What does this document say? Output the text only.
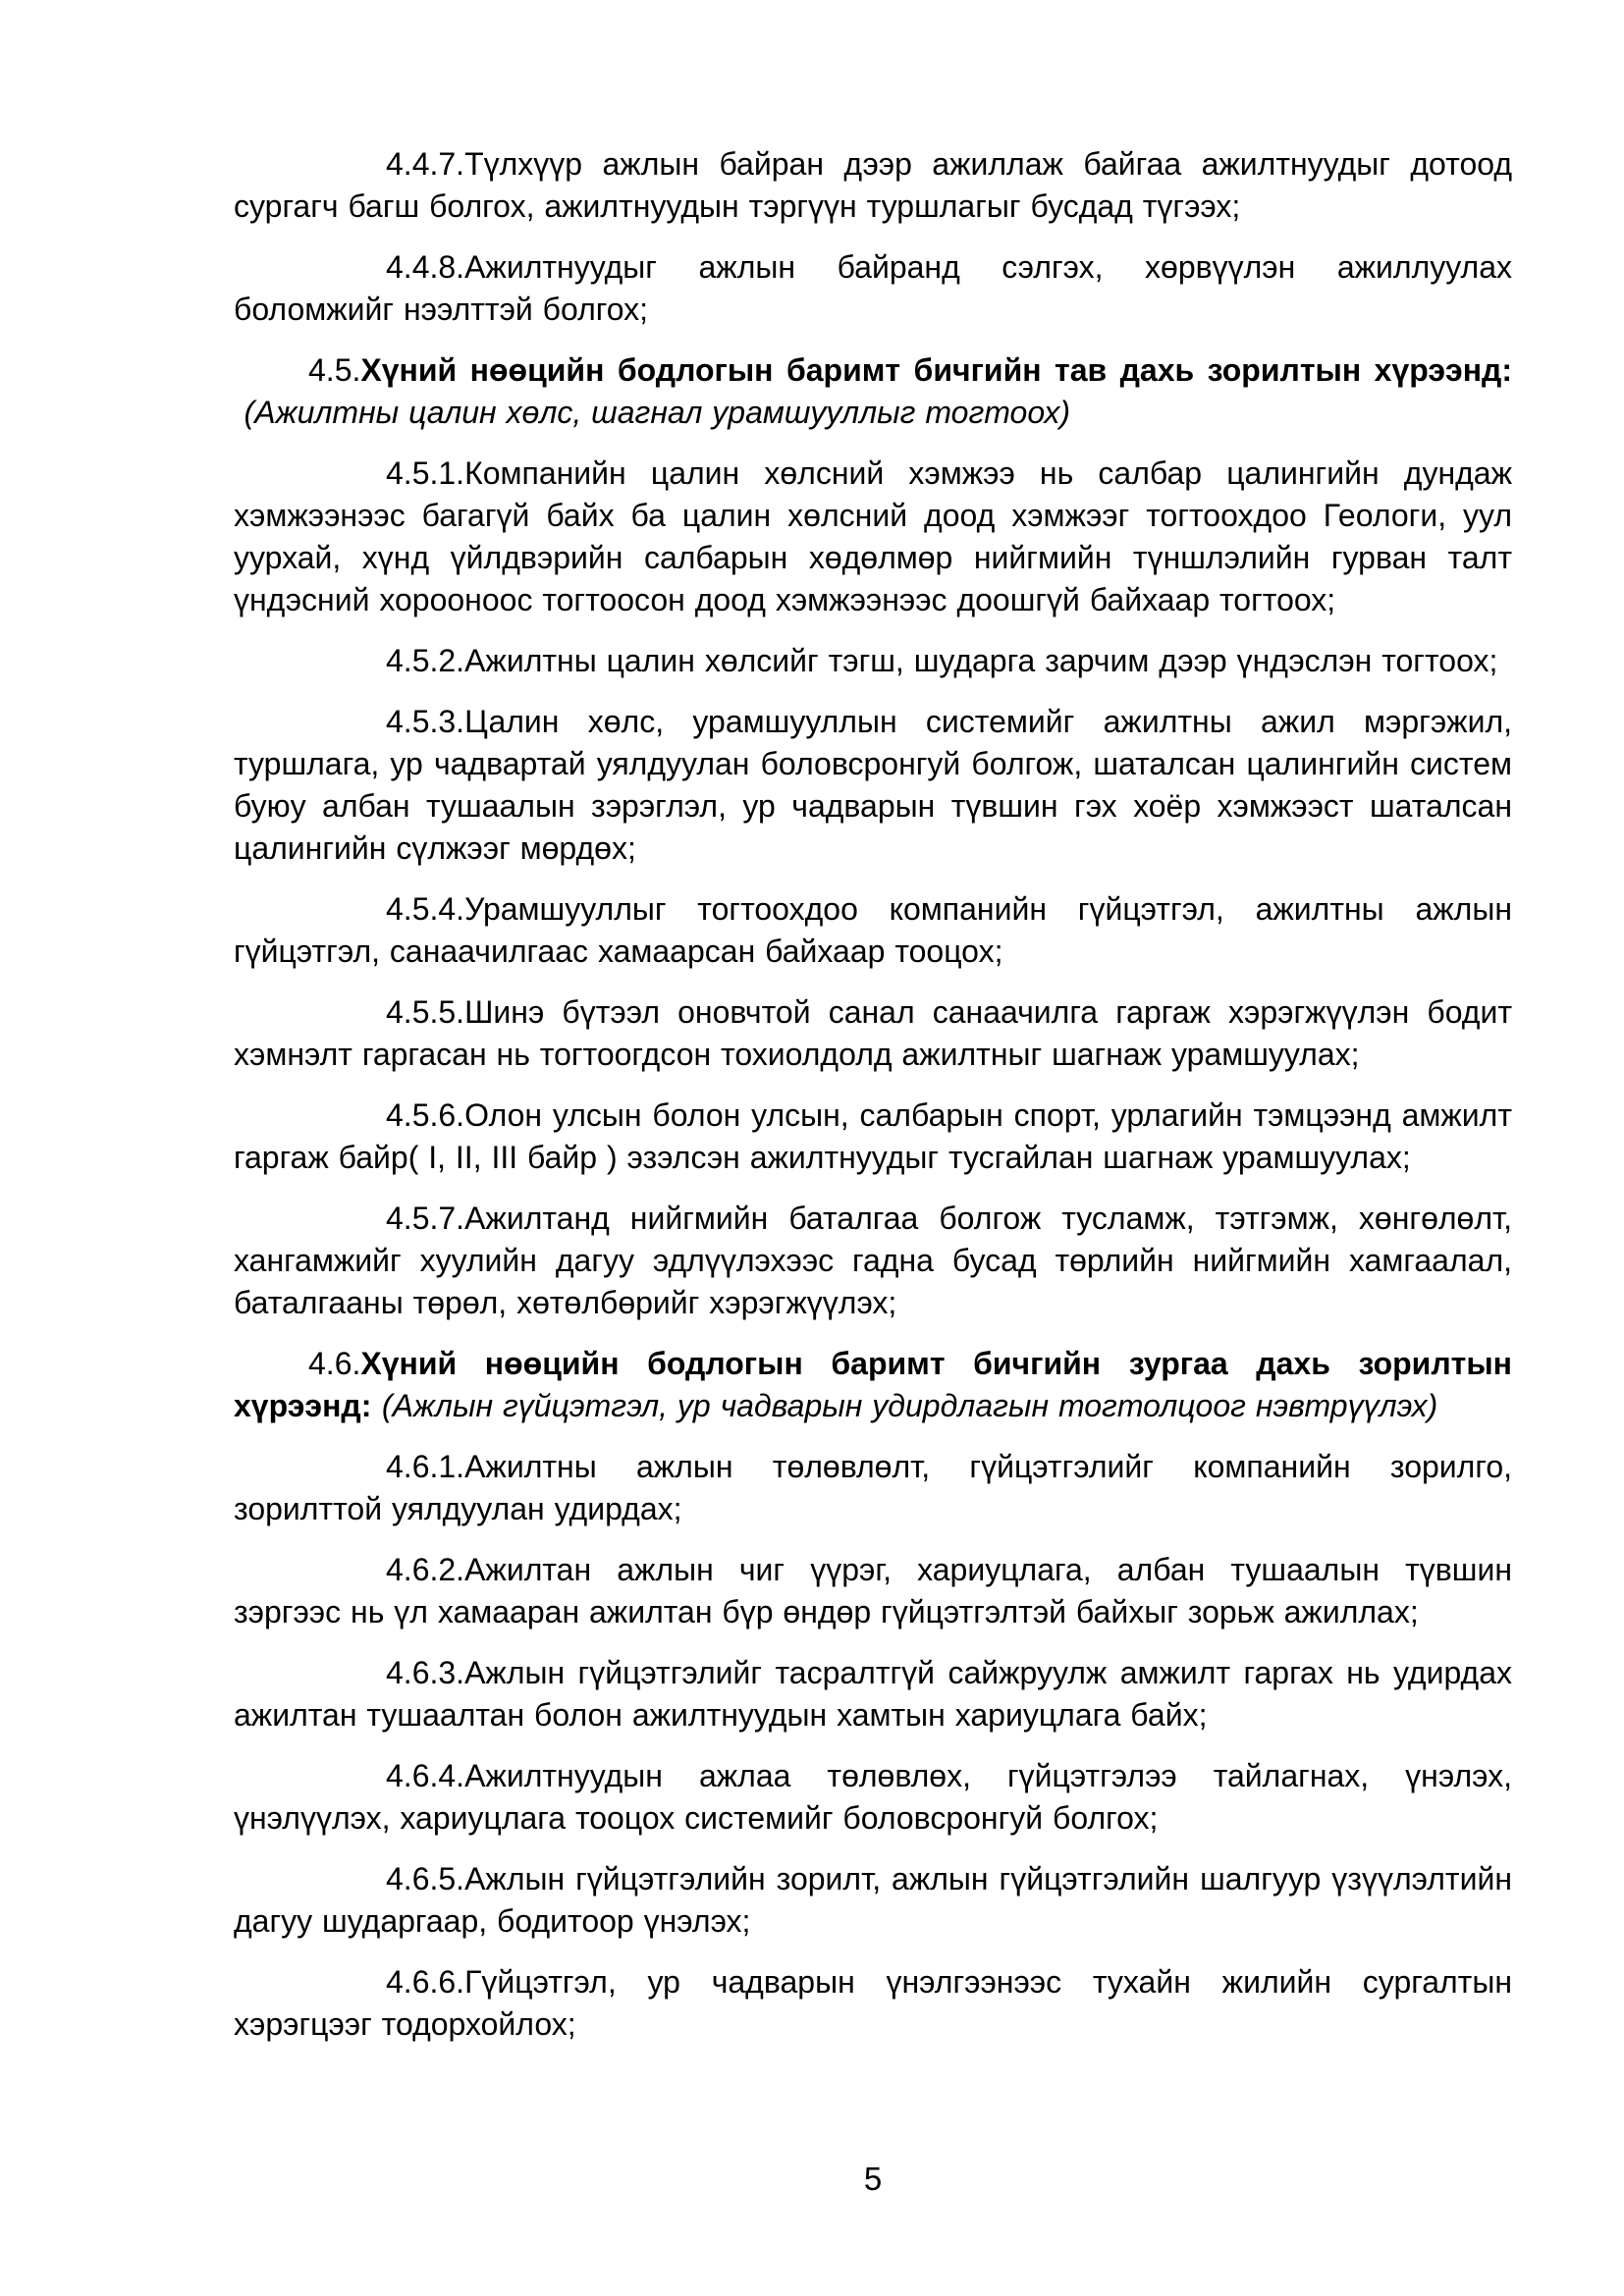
4.4.7.Түлхүүр ажлын байран дээр ажиллаж байгаа ажилтнуудыг дотоод сургагч багш болгох, ажилтнуудын тэргүүн туршлагыг бусдад түгээх;

4.4.8.Ажилтнуудыг ажлын байранд сэлгэх, хөрвүүлэн ажиллуулах боломжийг нээлттэй болгох;

4.5.Хүний нөөцийн бодлогын баримт бичгийн тав дахь зорилтын хүрээнд:(Ажилтны цалин хөлс, шагнал урамшууллыг тогтоох)

4.5.1.Компанийн цалин хөлсний хэмжээ нь салбар цалингийн дундаж хэмжээнээс багагүй байх ба цалин хөлсний доод хэмжээг тогтоохдоо Геологи, уул уурхай, хүнд үйлдвэрийн салбарын хөдөлмөр нийгмийн түншлэлийн гурван талт үндэсний хорооноос тогтоосон доод хэмжээнээс доошгүй байхаар тогтоох;

4.5.2.Ажилтны цалин хөлсийг тэгш, шударга зарчим дээр үндэслэн тогтоох;

4.5.3.Цалин хөлс, урамшууллын системийг ажилтны ажил мэргэжил, туршлага, ур чадвартай уялдуулан боловсронгуй болгож, шаталсан цалингийн систем буюу албан тушаалын зэрэглэл, ур чадварын түвшин гэх хоёр хэмжээст шаталсан цалингийн сүлжээг мөрдөх;

4.5.4.Урамшууллыг тогтоохдоо компанийн гүйцэтгэл, ажилтны ажлын гүйцэтгэл, санаачилгаас хамаарсан байхаар тооцох;

4.5.5.Шинэ бүтээл оновчтой санал санаачилга гаргаж хэрэгжүүлэн бодит хэмнэлт гаргасан нь тогтоогдсон тохиолдолд ажилтныг шагнаж урамшуулах;

4.5.6.Олон улсын болон улсын, салбарын спорт, урлагийн тэмцээнд амжилт гаргаж байр( I, II, III байр ) эзэлсэн ажилтнуудыг тусгайлан шагнаж урамшуулах;

4.5.7.Ажилтанд нийгмийн баталгаа болгож тусламж, тэтгэмж, хөнгөлөлт, хангамжийг хуулийн дагуу эдлүүлэхээс гадна бусад төрлийн нийгмийн хамгаалал, баталгааны төрөл, хөтөлбөрийг хэрэгжүүлэх;

4.6.Хүний нөөцийн бодлогын баримт бичгийн зургаа дахь зорилтын хүрээнд: (Ажлын гүйцэтгэл, ур чадварын удирдлагын тогтолцоог нэвтрүүлэх)

4.6.1.Ажилтны ажлын төлөвлөлт, гүйцэтгэлийг компанийн зорилго, зорилттой уялдуулан удирдах;

4.6.2.Ажилтан ажлын чиг үүрэг, хариуцлага, албан тушаалын түвшин зэргээс нь үл хамааран ажилтан бүр өндөр гүйцэтгэлтэй байхыг зорьж ажиллах;

4.6.3.Ажлын гүйцэтгэлийг тасралтгүй сайжруулж амжилт гаргах нь удирдах ажилтан тушаалтан болон ажилтнуудын хамтын хариуцлага байх;

4.6.4.Ажилтнуудын ажлаа төлөвлөх, гүйцэтгэлээ тайлагнах, үнэлэх, үнэлүүлэх, хариуцлага тооцох системийг боловсронгуй болгох;

4.6.5.Ажлын гүйцэтгэлийн зорилт, ажлын гүйцэтгэлийн шалгуур үзүүлэлтийн дагуу шударгаар, бодитоор үнэлэх;

4.6.6.Гүйцэтгэл, ур чадварын үнэлгээнээс тухайн жилийн сургалтын хэрэгцээг тодорхойлох;

5
